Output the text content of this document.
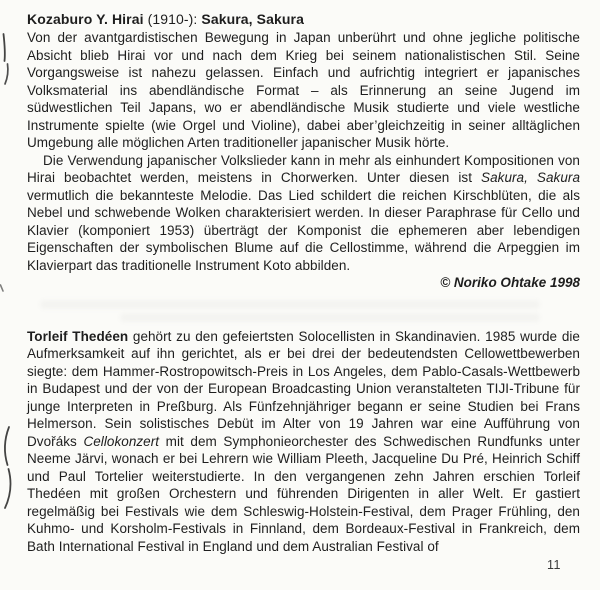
Kozaburo Y. Hirai (1910-): Sakura, Sakura

Von der avantgardistischen Bewegung in Japan unberührt und ohne jegliche politische Absicht blieb Hirai vor und nach dem Krieg bei seinem nationalistischen Stil. Seine Vorgangsweise ist nahezu gelassen. Einfach und aufrichtig integriert er japanisches Volksmaterial ins abendländische Format – als Erinnerung an seine Jugend im südwestlichen Teil Japans, wo er abendländische Musik studierte und viele westliche Instrumente spielte (wie Orgel und Violine), dabei aber’gleichzeitig in seiner alltäglichen Umgebung alle möglichen Arten traditioneller japanischer Musik hörte.

Die Verwendung japanischer Volkslieder kann in mehr als einhundert Kompositionen von Hirai beobachtet werden, meistens in Chorwerken. Unter diesen ist Sakura, Sakura vermutlich die bekannteste Melodie. Das Lied schildert die reichen Kirschblüten, die als Nebel und schwebende Wolken charakterisiert werden. In dieser Paraphrase für Cello und Klavier (komponiert 1953) überträgt der Komponist die ephemeren aber lebendigen Eigenschaften der symbolischen Blume auf die Cellostimme, während die Arpeggien im Klavierpart das traditionelle Instrument Koto abbilden.

© Noriko Ohtake 1998

Torleif Thedéen gehört zu den gefeiertsten Solocellisten in Skandinavien. 1985 wurde die Aufmerksamkeit auf ihn gerichtet, als er bei drei der bedeutendsten Cellowettbewerben siegte: dem Hammer-Rostropowitsch-Preis in Los Angeles, dem Pablo-Casals-Wettbewerb in Budapest und der von der European Broadcasting Union veranstalteten TIJI-Tribune für junge Interpreten in Preßburg. Als Fünfzehnjähriger begann er seine Studien bei Frans Helmerson. Sein solistisches Debüt im Alter von 19 Jahren war eine Aufführung von Dvořáks Cellokonzert mit dem Symphonieorchester des Schwedischen Rundfunks unter Neeme Järvi, wonach er bei Lehrern wie William Pleeth, Jacqueline Du Pré, Heinrich Schiff und Paul Tortelier weiterstudierte. In den vergangenen zehn Jahren erschien Torleif Thedéen mit großen Orchestern und führenden Dirigenten in aller Welt. Er gastiert regelmäßig bei Festivals wie dem Schleswig-Holstein-Festival, dem Prager Frühling, den Kuhmo- und Korsholm-Festivals in Finnland, dem Bordeaux-Festival in Frankreich, dem Bath International Festival in England und dem Australian Festival of

11
